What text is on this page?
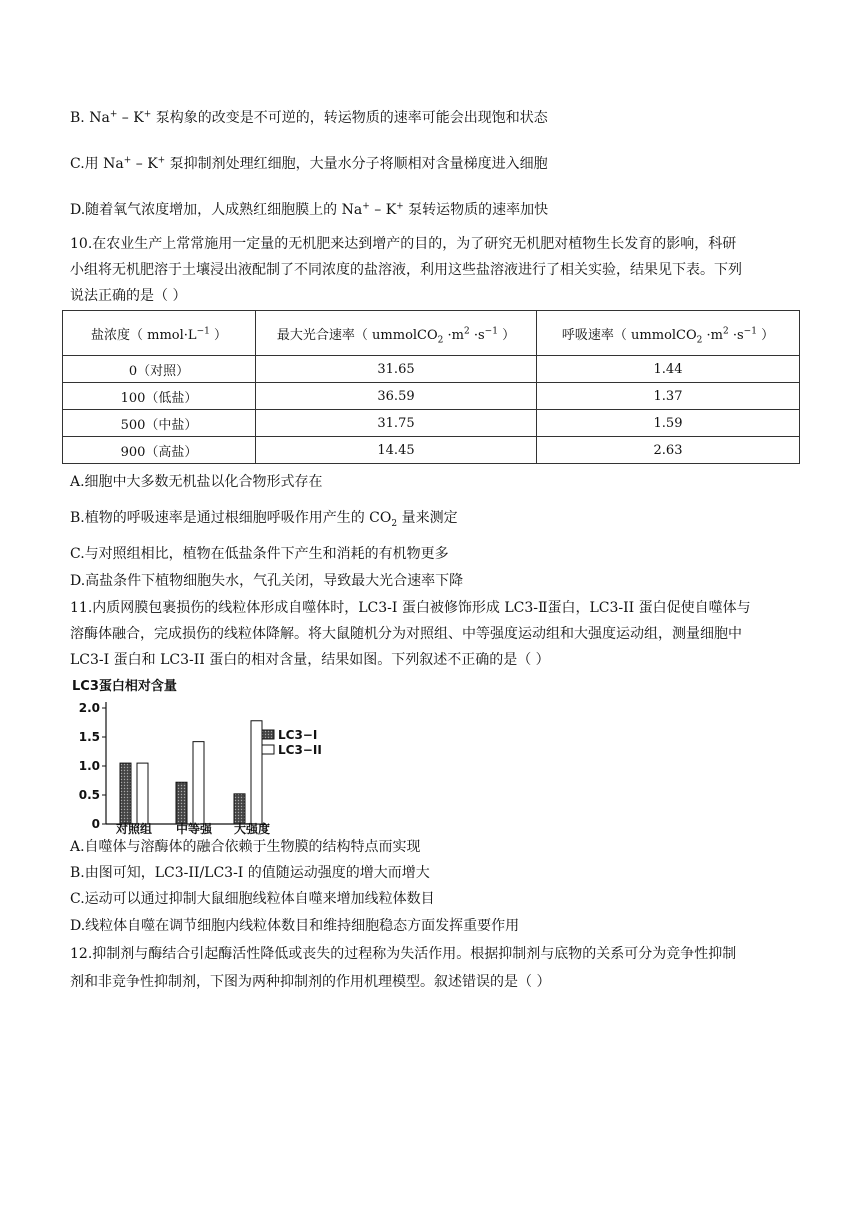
B. Na+ – K+ 泵构象的改变是不可逆的，转运物质的速率可能会出现饱和状态
C.用 Na+ – K+ 泵抑制剂处理红细胞，大量水分子将顺相对含量梯度进入细胞
D.随着氧气浓度增加，人成熟红细胞膜上的 Na+ – K+ 泵转运物质的速率加快
10.在农业生产上常常施用一定量的无机肥来达到增产的目的，为了研究无机肥对植物生长发育的影响，科研
小组将无机肥溶于土壤浸出液配制了不同浓度的盐溶液，利用这些盐溶液进行了相关实验，结果见下表。下列
说法正确的是（ ）
盐浓度（ $mmol\cdot L^{-1}$ ）	最大光合速率（ ummolCO$_2$ $\cdot m^2 \cdot s^{-1}$ ）	呼吸速率（ ummolCO$_2$ $\cdot m^2 \cdot s^{-1}$ ）
0（对照）	31.65	1.44
100（低盐）	36.59	1.37
500（中盐）	31.75	1.59
900（高盐）	14.45	2.63
A.细胞中大多数无机盐以化合物形式存在
B.植物的呼吸速率是通过根细胞呼吸作用产生的 $CO_2$ 量来测定
C.与对照组相比，植物在低盐条件下产生和消耗的有机物更多
D.高盐条件下植物细胞失水，气孔关闭，导致最大光合速率下降
11.内质网膜包裹损伤的线粒体形成自噬体时，LC3-I 蛋白被修饰形成 LC3-Ⅱ蛋白，LC3-II 蛋白促使自噬体与
溶酶体融合，完成损伤的线粒体降解。将大鼠随机分为对照组、中等强度运动组和大强度运动组，测量细胞中
LC3-I 蛋白和 LC3-II 蛋白的相对含量，结果如图。下列叙述不正确的是（ ）
LC3蛋白相对含量
2.0
1.5
1.0
0.5
0 对照组 中等强 大强度
LC3−I
LC3−II
A.自噬体与溶酶体的融合依赖于生物膜的结构特点而实现
B.由图可知，LC3-II/LC3-I 的值随运动强度的增大而增大
C.运动可以通过抑制大鼠细胞线粒体自噬来增加线粒体数目
D.线粒体自噬在调节细胞内线粒体数目和维持细胞稳态方面发挥重要作用
12.抑制剂与酶结合引起酶活性降低或丧失的过程称为失活作用。根据抑制剂与底物的关系可分为竞争性抑制
剂和非竞争性抑制剂，下图为两种抑制剂的作用机理模型。叙述错误的是（ ）
